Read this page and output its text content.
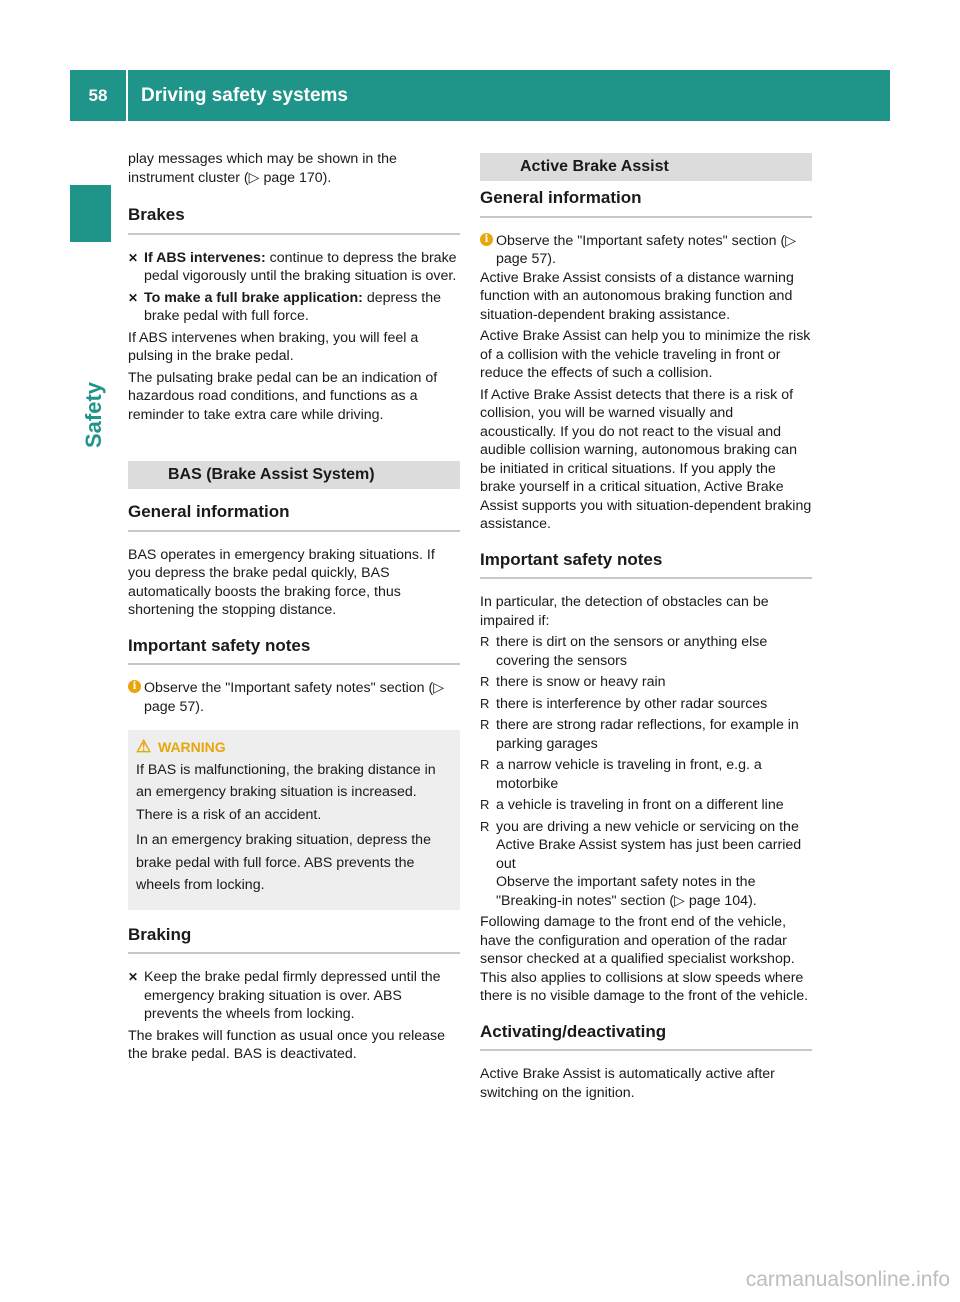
58	Driving safety systems
Safety

play messages which may be shown in the instrument cluster (▷ page 170).

Brakes
✕ If ABS intervenes: continue to depress the brake pedal vigorously until the braking situation is over.
✕ To make a full brake application: depress the brake pedal with full force.

If ABS intervenes when braking, you will feel a pulsing in the brake pedal.

The pulsating brake pedal can be an indication of hazardous road conditions, and functions as a reminder to take extra care while driving.

BAS (Brake Assist System)
General information

BAS operates in emergency braking situations. If you depress the brake pedal quickly, BAS automatically boosts the braking force, thus shortening the stopping distance.

Important safety notes
i Observe the "Important safety notes" section (▷ page 57).
⚠ WARNING

If BAS is malfunctioning, the braking distance in an emergency braking situation is increased. There is a risk of an accident.

In an emergency braking situation, depress the brake pedal with full force. ABS prevents the wheels from locking.

Braking
✕ Keep the brake pedal firmly depressed until the emergency braking situation is over. ABS prevents the wheels from locking.

The brakes will function as usual once you release the brake pedal. BAS is deactivated.

Active Brake Assist
General information
i Observe the "Important safety notes" section (▷ page 57).

Active Brake Assist consists of a distance warning function with an autonomous braking function and situation-dependent braking assistance.

Active Brake Assist can help you to minimize the risk of a collision with the vehicle traveling in front or reduce the effects of such a collision.

If Active Brake Assist detects that there is a risk of collision, you will be warned visually and acoustically. If you do not react to the visual and audible collision warning, autonomous braking can be initiated in critical situations. If you apply the brake yourself in a critical situation, Active Brake Assist supports you with situation-dependent braking assistance.

Important safety notes

In particular, the detection of obstacles can be impaired if:

R there is dirt on the sensors or anything else covering the sensors
R there is snow or heavy rain
R there is interference by other radar sources
R there are strong radar reflections, for example in parking garages
R a narrow vehicle is traveling in front, e.g. a motorbike
R a vehicle is traveling in front on a different line
R you are driving a new vehicle or servicing on the Active Brake Assist system has just been carried out
Observe the important safety notes in the "Breaking-in notes" section (▷ page 104).

Following damage to the front end of the vehicle, have the configuration and operation of the radar sensor checked at a qualified specialist workshop. This also applies to collisions at slow speeds where there is no visible damage to the front of the vehicle.

Activating/deactivating

Active Brake Assist is automatically active after switching on the ignition.

carmanualsonline.info
